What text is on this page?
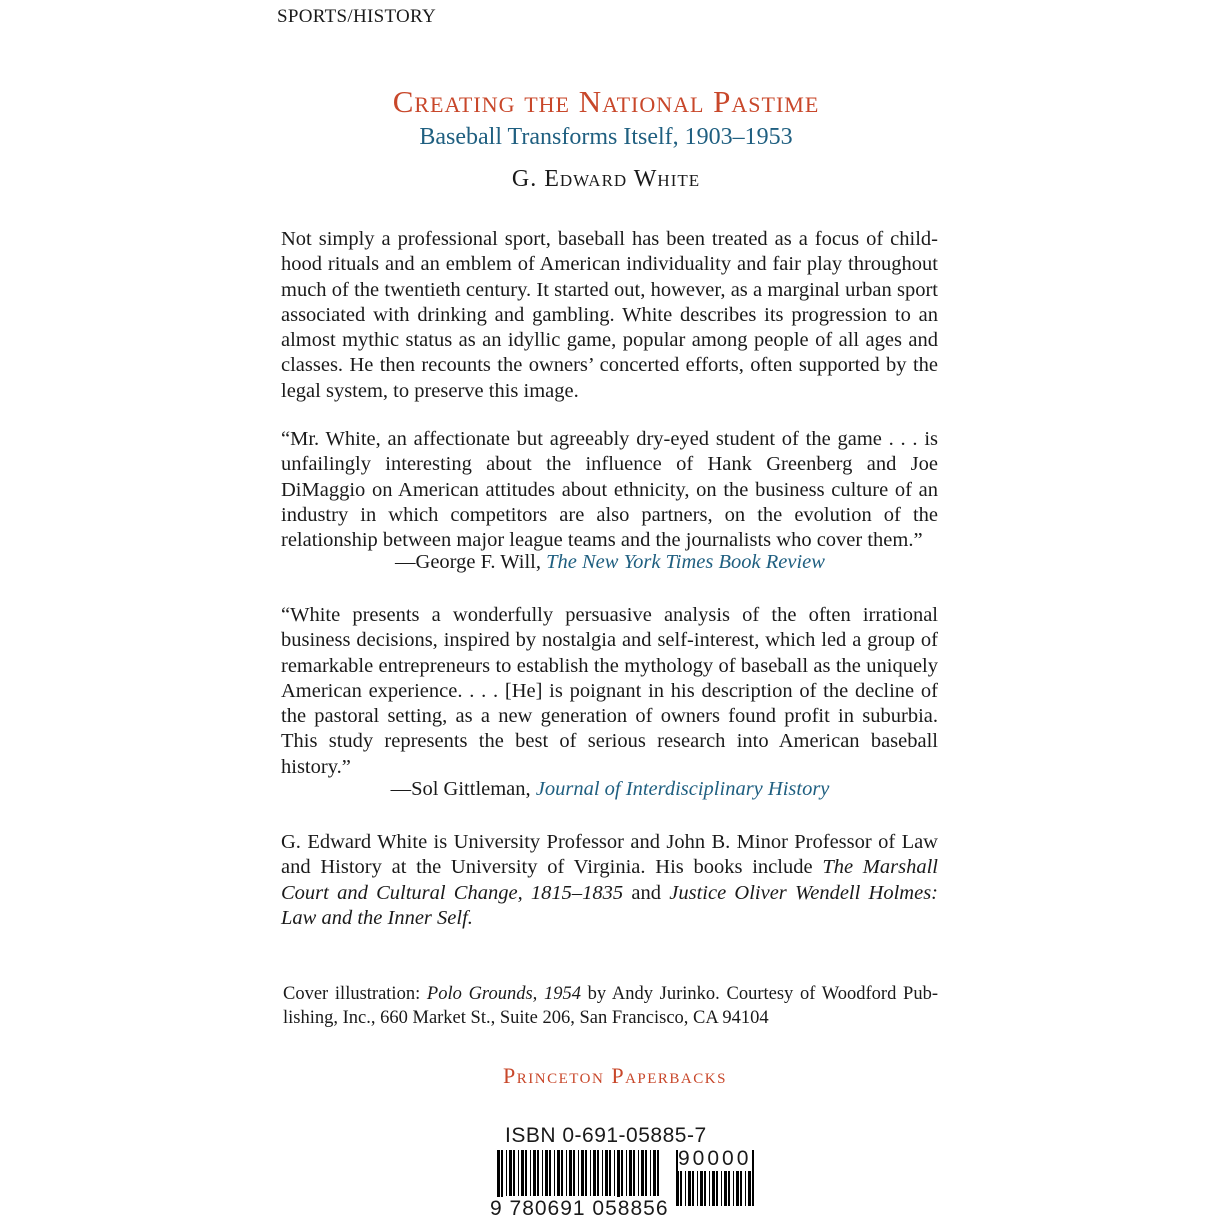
SPORTS/HISTORY
Creating the National Pastime
Baseball Transforms Itself, 1903–1953
G. Edward White
Not simply a professional sport, baseball has been treated as a focus of childhood rituals and an emblem of American individuality and fair play throughout much of the twentieth century. It started out, however, as a marginal urban sport associated with drinking and gambling. White describes its progression to an almost mythic status as an idyllic game, popular among people of all ages and classes. He then recounts the owners’ concerted efforts, often supported by the legal system, to preserve this image.
“Mr. White, an affectionate but agreeably dry-eyed student of the game . . . is unfailingly interesting about the influence of Hank Greenberg and Joe DiMaggio on American attitudes about ethnicity, on the business culture of an industry in which competitors are also partners, on the evolution of the relationship between major league teams and the journalists who cover them.”
—George F. Will, The New York Times Book Review
“White presents a wonderfully persuasive analysis of the often irrational business decisions, inspired by nostalgia and self-interest, which led a group of remarkable entrepreneurs to establish the mythology of baseball as the uniquely American experience. . . . [He] is poignant in his description of the decline of the pastoral setting, as a new generation of owners found profit in suburbia. This study represents the best of serious research into American baseball history.”
—Sol Gittleman, Journal of Interdisciplinary History
G. Edward White is University Professor and John B. Minor Professor of Law and History at the University of Virginia. His books include The Marshall Court and Cultural Change, 1815–1835 and Justice Oliver Wendell Holmes: Law and the Inner Self.
Cover illustration: Polo Grounds, 1954 by Andy Jurinko. Courtesy of Woodford Publishing, Inc., 660 Market St., Suite 206, San Francisco, CA 94104
Princeton Paperbacks
ISBN 0-691-05885-7
9 780691 058856
90000
